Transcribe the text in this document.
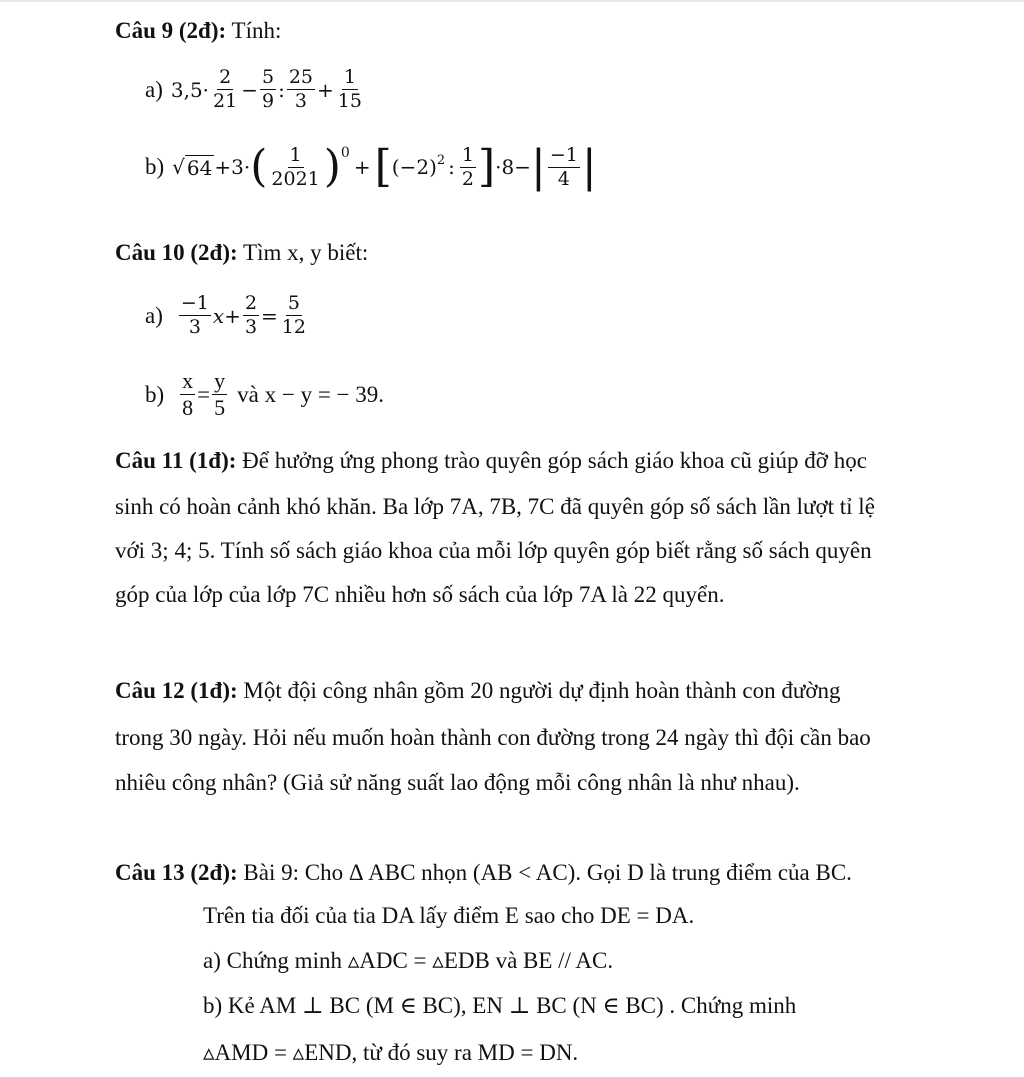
Câu 9 (2đ): Tính:
a) $3,5\cdot \frac{2}{21} - \frac{5}{9}$ : $\frac{25}{3} + \frac{1}{15}$
b) √ 64 +3· ( $\frac{1}{2021} )^0$
+ [ $(-2)^2$ : $\frac{1}{2}$ ] ·8− | $\frac{-1}{4}$ |
Câu 10 (2đ): Tìm x, y biết:
$a) \frac{-1}{3} x+ \frac{2}{3} = \frac{5}{12}$
$b) \frac{x}{8} = \frac{y}{5}$ và x − y = − 39.
Câu 11 (1đ): Để hưởng ứng phong trào quyên góp sách giáo khoa cũ giúp đỡ học
sinh có hoàn cảnh khó khăn. Ba lớp 7A, 7B, 7C đã quyên góp số sách lần lượt tỉ lệ
với 3; 4; 5. Tính số sách giáo khoa của mỗi lớp quyên góp biết rằng số sách quyên
góp của lớp của lớp 7C nhiều hơn số sách của lớp 7A là 22 quyển.
Câu 12 (1đ): Một đội công nhân gồm 20 người dự định hoàn thành con đường
trong 30 ngày. Hỏi nếu muốn hoàn thành con đường trong 24 ngày thì đội cần bao
nhiêu công nhân? (Giả sử năng suất lao động mỗi công nhân là như nhau).
Câu 13 (2đ): Bài 9: Cho Δ ABC nhọn (AB < AC). Gọi D là trung điểm của BC.
Trên tia đối của tia DA lấy điểm E sao cho DE = DA.
a) Chứng minh ▵ADC = ▵EDB và BE // AC.
b) Kẻ AM ⊥ BC (M ∈ BC), EN ⊥ BC (N ∈ BC) . Chứng minh
▵AMD = ▵END, từ đó suy ra MD = DN.
